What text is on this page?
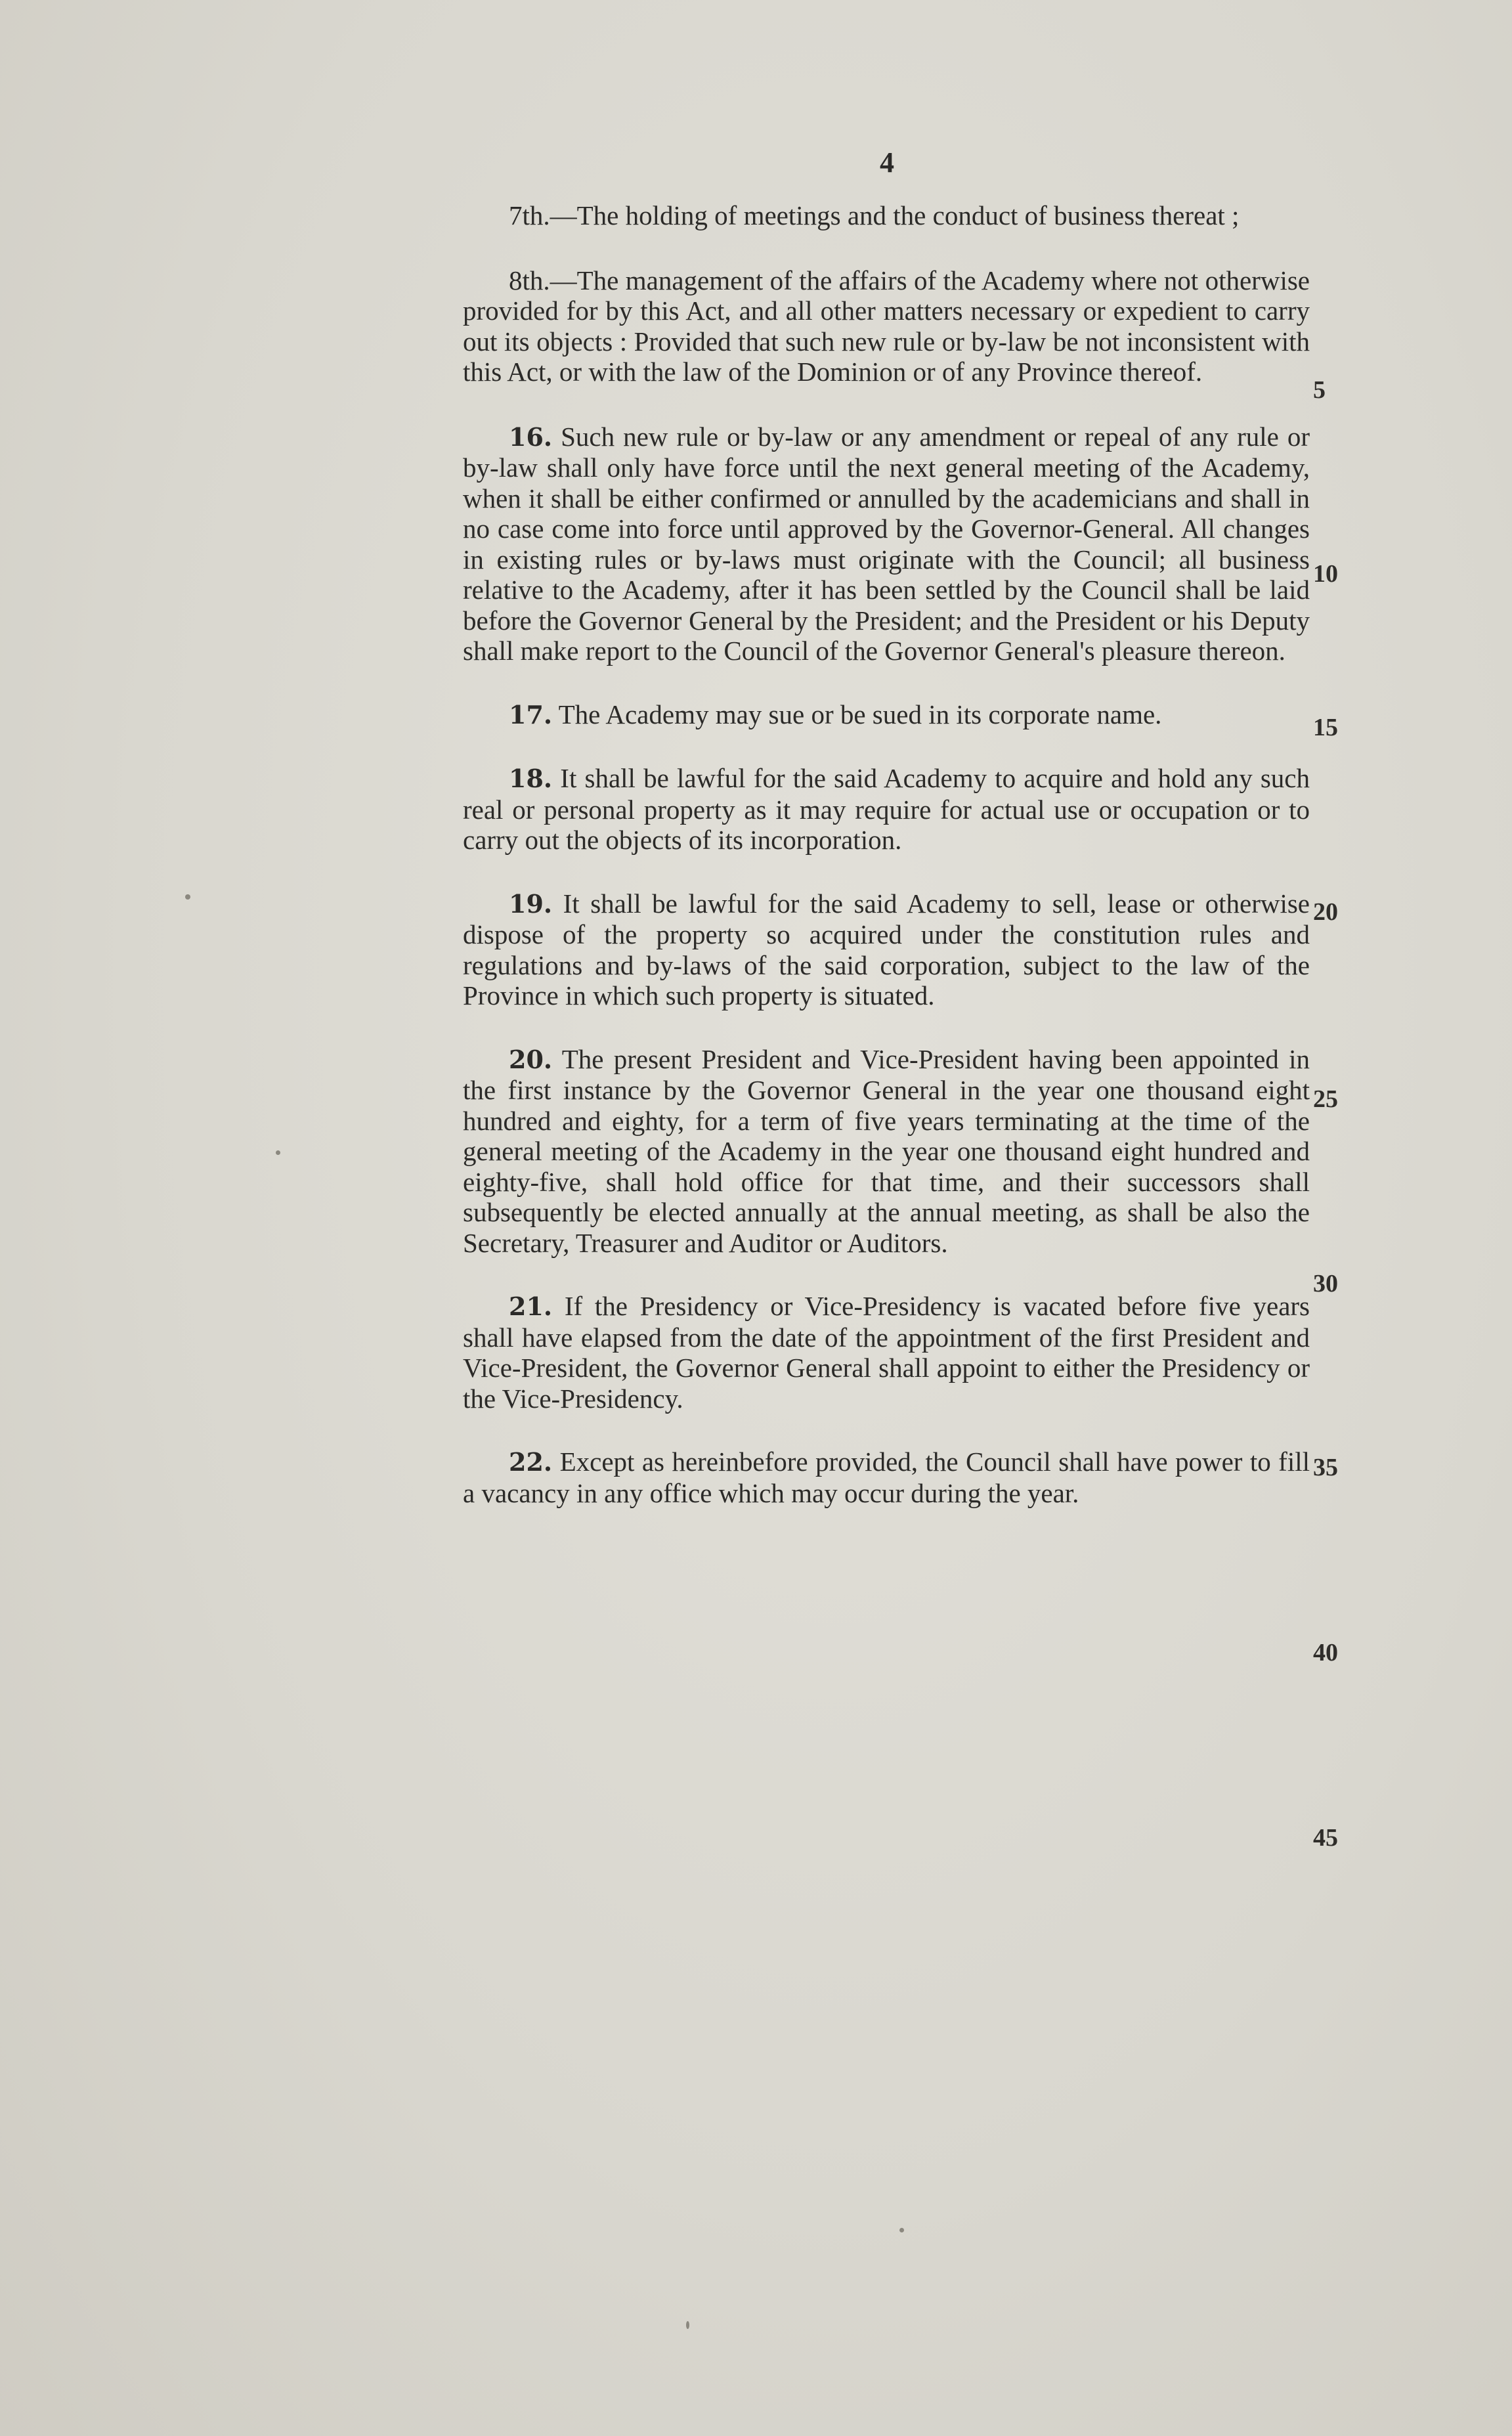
4

7th.—The holding of meetings and the conduct of business thereat ;

8th.—The management of the affairs of the Academy where not otherwise provided for by this Act, and all other matters necessary or expedient to carry out its objects : Provided that such new rule or by-law be not inconsistent with this Act, or with the law of the Dominion or of any Province thereof.

16. Such new rule or by-law or any amendment or repeal of any rule or by-law shall only have force until the next general meeting of the Academy, when it shall be either confirmed or annulled by the academicians and shall in no case come into force until approved by the Governor-General. All changes in existing rules or by-laws must originate with the Council; all business relative to the Academy, after it has been settled by the Council shall be laid before the Governor General by the President; and the President or his Deputy shall make report to the Council of the Governor General's pleasure thereon.

17. The Academy may sue or be sued in its corporate name.

18. It shall be lawful for the said Academy to acquire and hold any such real or personal property as it may require for actual use or occupation or to carry out the objects of its incorporation.

19. It shall be lawful for the said Academy to sell, lease or otherwise dispose of the property so acquired under the constitution rules and regulations and by-laws of the said corporation, subject to the law of the Province in which such property is situated.

20. The present President and Vice-President having been appointed in the first instance by the Governor General in the year one thousand eight hundred and eighty, for a term of five years terminating at the time of the general meeting of the Academy in the year one thousand eight hundred and eighty-five, shall hold office for that time, and their successors shall subsequently be elected annually at the annual meeting, as shall be also the Secretary, Treasurer and Auditor or Auditors.

21. If the Presidency or Vice-Presidency is vacated before five years shall have elapsed from the date of the appointment of the first President and Vice-President, the Governor General shall appoint to either the Presidency or the Vice-Presidency.

22. Except as hereinbefore provided, the Council shall have power to fill a vacancy in any office which may occur during the year.

5
10
15
20
25
30
35
40
45
